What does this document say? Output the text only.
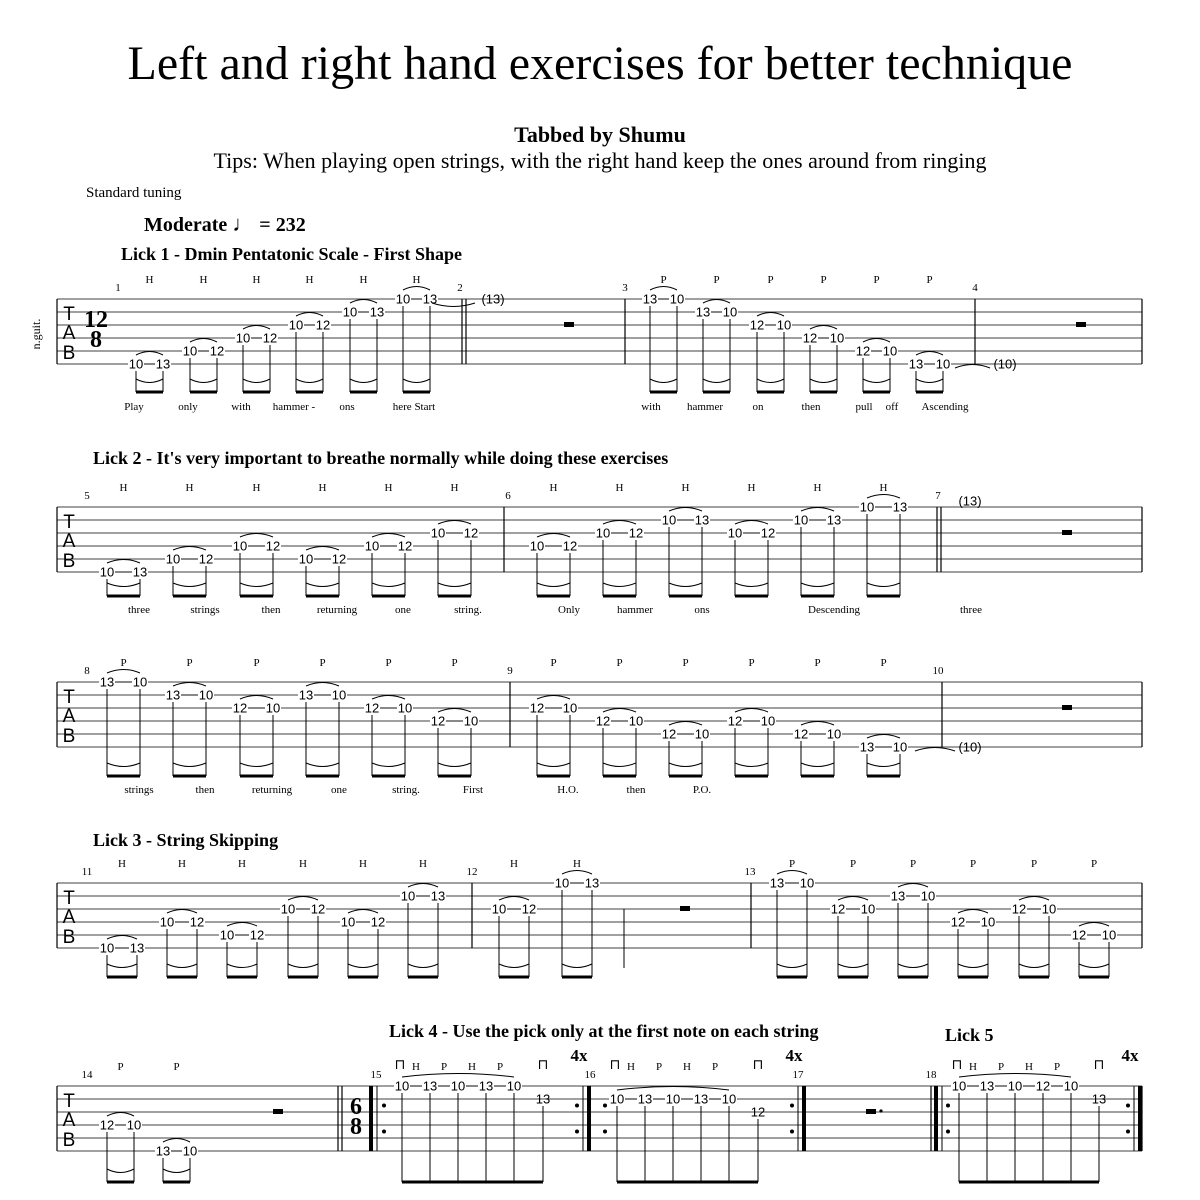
Left and right hand exercises for better technique
Tabbed by Shumu
Tips: When playing open strings, with the right hand keep the ones around from ringing
Standard tuning
Moderate ♩ = 232
Lick 1 - Dmin Pentatonic Scale - First Shape
T
A
B
n.guit. 12
8
1
10 13
H
10 12
H
10 12
H
10 12
H
10 13
H
10 13
H
2
(13)
3
13 10
P
13 10
P
12 10
P
12 10
P
12 10
P
13 10
P
4
(10)
Play	only	with hammer - ons	here Start	with hammer	on	then	pull off Ascending
Lick 2 - It's very important to breathe normally while doing these exercises
T
A
B
5
10 13
H
10 12
H
10 12
H
10 12
H
10 12
H
10 12
H
6
10 12
H
10 12
H
10 13
H
10 12
H
10 13
H
10 13
H
7 (13)
three	strings	then	returning	one	string.	Only	hammer	ons	Descending	three
T
A
B
8
13 10
P
13 10
P
12 10
P
13 10
P
12 10
P
12 10
P
9
12 10
P
12 10
P
12 10
P
12 10
P
12 10
P
13 10
P
10
(10)
strings	then	returning	one	string.	First	H.O.	then	P.O.
Lick 3 - String Skipping
T
A
B
11
10 13
H
10 12
H
10 12
H
10 12
H
10 12
H
10 13
H
12
10 12
H
10 13
H
13
13 10
P
12 10
P
13 10
P
12 10
P
12 10
P
12 10
P
Lick 4 - Use the pick only at the first note on each string	Lick 5
T
A
B
14
12 10
P
13 10
P
6
8
15
10 13 10 13 10
H P H P
⊓
13
⊓ 4x
16
10 13 10 13 10
H P H P
⊓
12
⊓ 4x
17	18
10 13 10 12 10
H P H P
⊓
13
⊓ 4x
